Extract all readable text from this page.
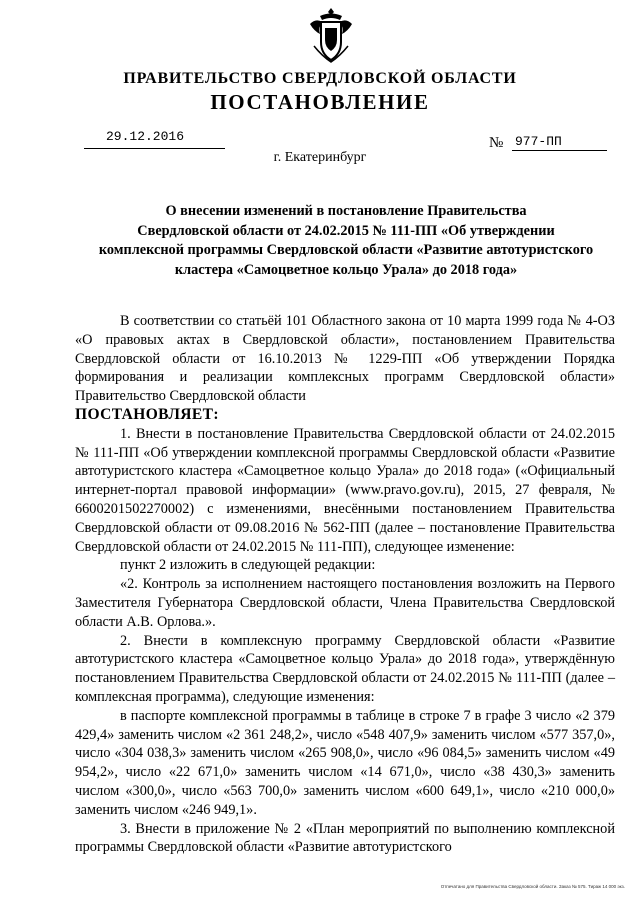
ПРАВИТЕЛЬСТВО СВЕРДЛОВСКОЙ ОБЛАСТИ
ПОСТАНОВЛЕНИЕ
29.12.2016	№ 977-ПП
г. Екатеринбург
О внесении изменений в постановление Правительства
Свердловской области от 24.02.2015 № 111-ПП «Об утверждении
комплексной программы Свердловской области «Развитие автотуристского
кластера «Самоцветное кольцо Урала» до 2018 года»

В соответствии со статьёй 101 Областного закона от 10 марта 1999 года № 4-ОЗ «О правовых актах в Свердловской области», постановлением Правительства Свердловской области от 16.10.2013 № 1229-ПП «Об утверждении Порядка формирования и реализации комплексных программ Свердловской области» Правительство Свердловской области

ПОСТАНОВЛЯЕТ:

1. Внести в постановление Правительства Свердловской области от 24.02.2015 № 111-ПП «Об утверждении комплексной программы Свердловской области «Развитие автотуристского кластера «Самоцветное кольцо Урала» до 2018 года» («Официальный интернет-портал правовой информации» (www.pravo.gov.ru), 2015, 27 февраля, № 6600201502270002) с изменениями, внесёнными постановлением Правительства Свердловской области от 09.08.2016 № 562-ПП (далее – постановление Правительства Свердловской области от 24.02.2015 № 111-ПП), следующее изменение:

пункт 2 изложить в следующей редакции:

«2. Контроль за исполнением настоящего постановления возложить на Первого Заместителя Губернатора Свердловской области, Члена Правительства Свердловской области А.В. Орлова.».

2. Внести в комплексную программу Свердловской области «Развитие автотуристского кластера «Самоцветное кольцо Урала» до 2018 года», утверждённую постановлением Правительства Свердловской области от 24.02.2015 № 111-ПП (далее – комплексная программа), следующие изменения:

в паспорте комплексной программы в таблице в строке 7 в графе 3 число «2 379 429,4» заменить числом «2 361 248,2», число «548 407,9» заменить числом «577 357,0», число «304 038,3» заменить числом «265 908,0», число «96 084,5» заменить числом «49 954,2», число «22 671,0» заменить числом «14 671,0», число «38 430,3» заменить числом «300,0», число «563 700,0» заменить числом «600 649,1», число «210 000,0» заменить числом «246 949,1».

3. Внести в приложение № 2 «План мероприятий по выполнению комплексной программы Свердловской области «Развитие автотуристского

Отпечатано для Правительства Свердловской области. Заказ № 575. Тираж 14 000 экз.
